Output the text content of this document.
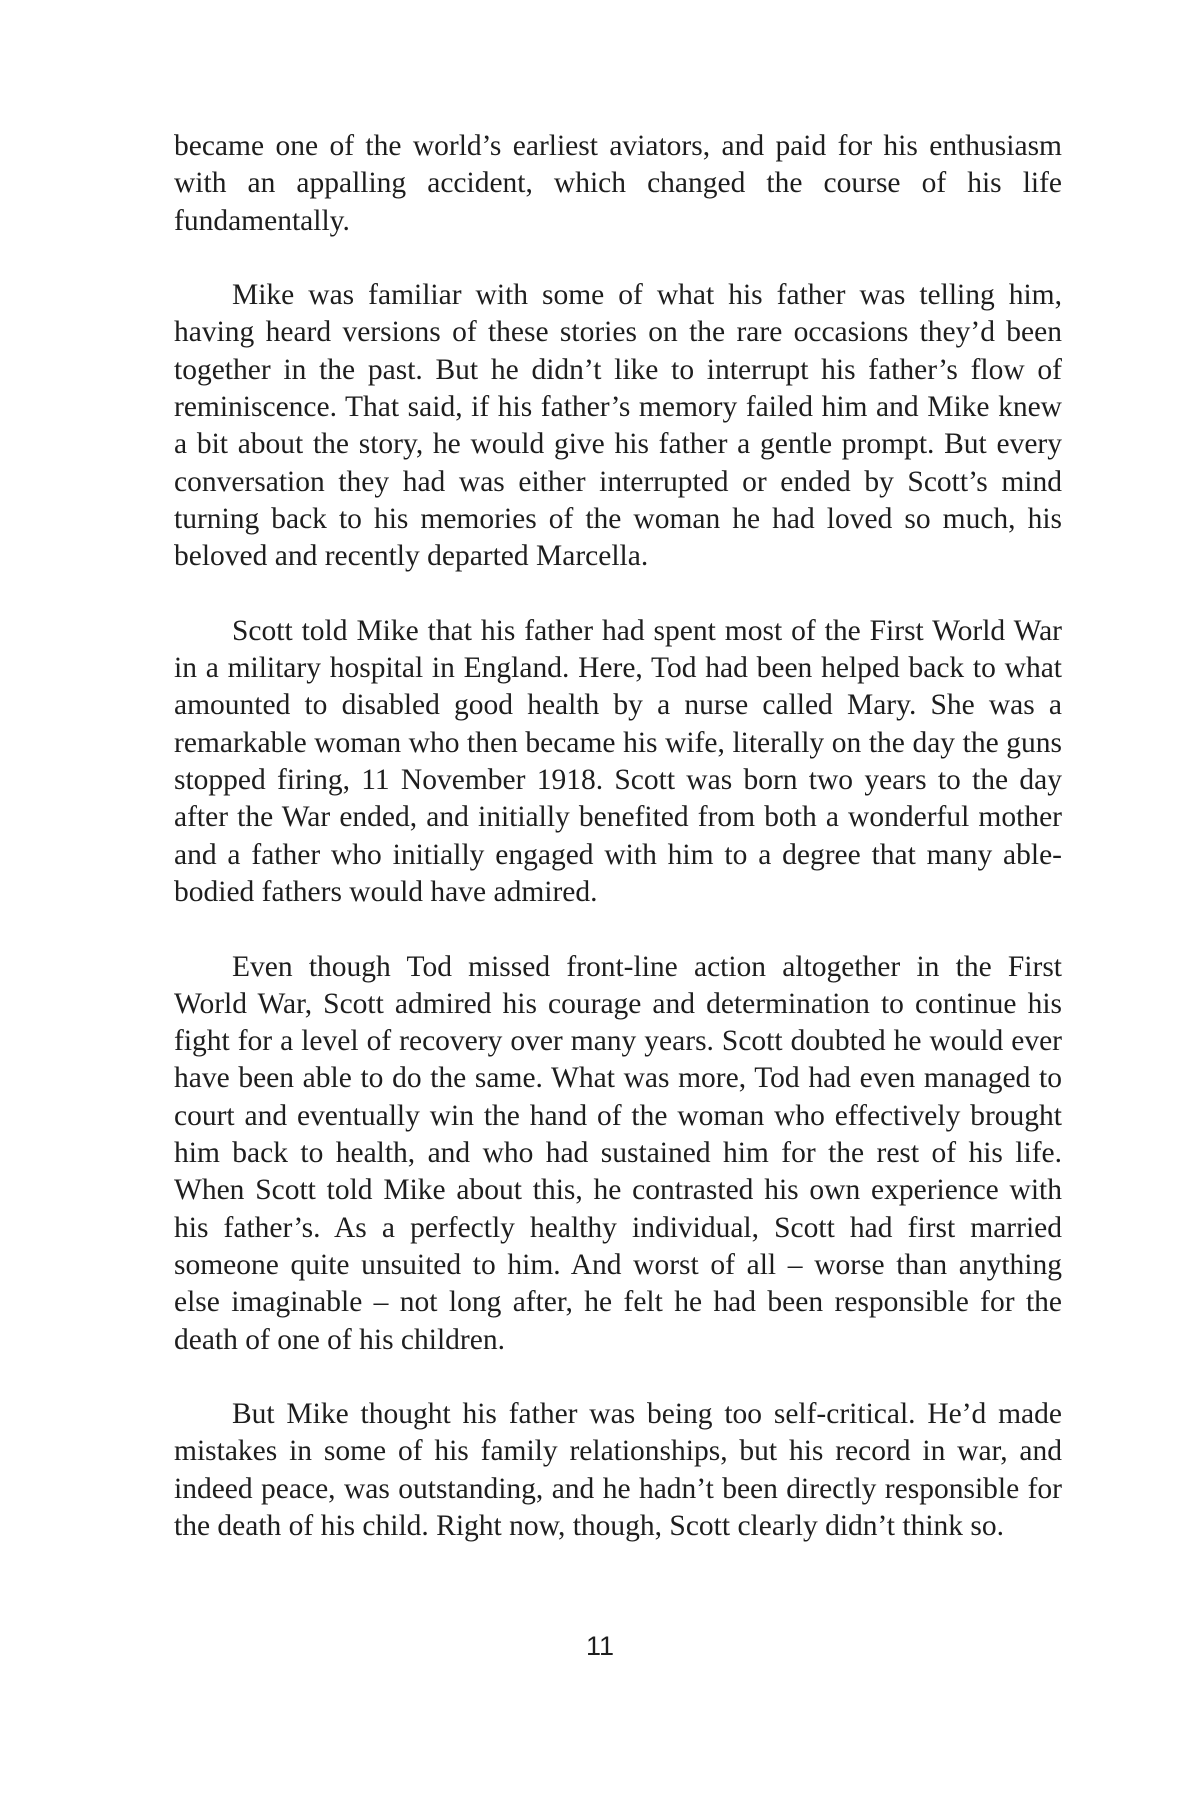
became one of the world’s earliest aviators, and paid for his enthusiasm with an appalling accident, which changed the course of his life fundamentally.

Mike was familiar with some of what his father was telling him, having heard versions of these stories on the rare occasions they’d been together in the past. But he didn’t like to interrupt his father’s flow of reminiscence. That said, if his father’s memory failed him and Mike knew a bit about the story, he would give his father a gentle prompt. But every conversation they had was either interrupted or ended by Scott’s mind turning back to his memories of the woman he had loved so much, his beloved and recently departed Marcella.

Scott told Mike that his father had spent most of the First World War in a military hospital in England. Here, Tod had been helped back to what amounted to disabled good health by a nurse called Mary. She was a remarkable woman who then became his wife, literally on the day the guns stopped firing, 11 November 1918. Scott was born two years to the day after the War ended, and initially benefited from both a wonderful mother and a father who initially engaged with him to a degree that many able-bodied fathers would have admired.

Even though Tod missed front-line action altogether in the First World War, Scott admired his courage and determination to continue his fight for a level of recovery over many years. Scott doubted he would ever have been able to do the same. What was more, Tod had even managed to court and eventually win the hand of the woman who effectively brought him back to health, and who had sustained him for the rest of his life. When Scott told Mike about this, he contrasted his own experience with his father’s. As a perfectly healthy individual, Scott had first married someone quite unsuited to him. And worst of all – worse than anything else imaginable – not long after, he felt he had been responsible for the death of one of his children.

But Mike thought his father was being too self-critical. He’d made mistakes in some of his family relationships, but his record in war, and indeed peace, was outstanding, and he hadn’t been directly responsible for the death of his child. Right now, though, Scott clearly didn’t think so.

11
